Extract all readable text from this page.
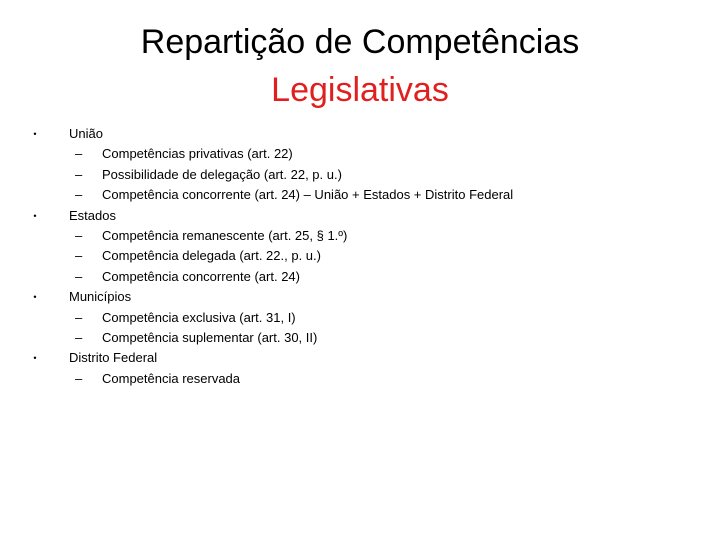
Repartição de Competências
Legislativas
• União
– Competências privativas (art. 22)
– Possibilidade de delegação (art. 22, p. u.)
– Competência concorrente (art. 24) – União + Estados + Distrito Federal
• Estados
– Competência remanescente (art. 25, § 1.º)
– Competência delegada (art. 22., p. u.)
– Competência concorrente (art. 24)
• Municípios
– Competência exclusiva (art. 31, I)
– Competência suplementar (art. 30, II)
• Distrito Federal
– Competência reservada
